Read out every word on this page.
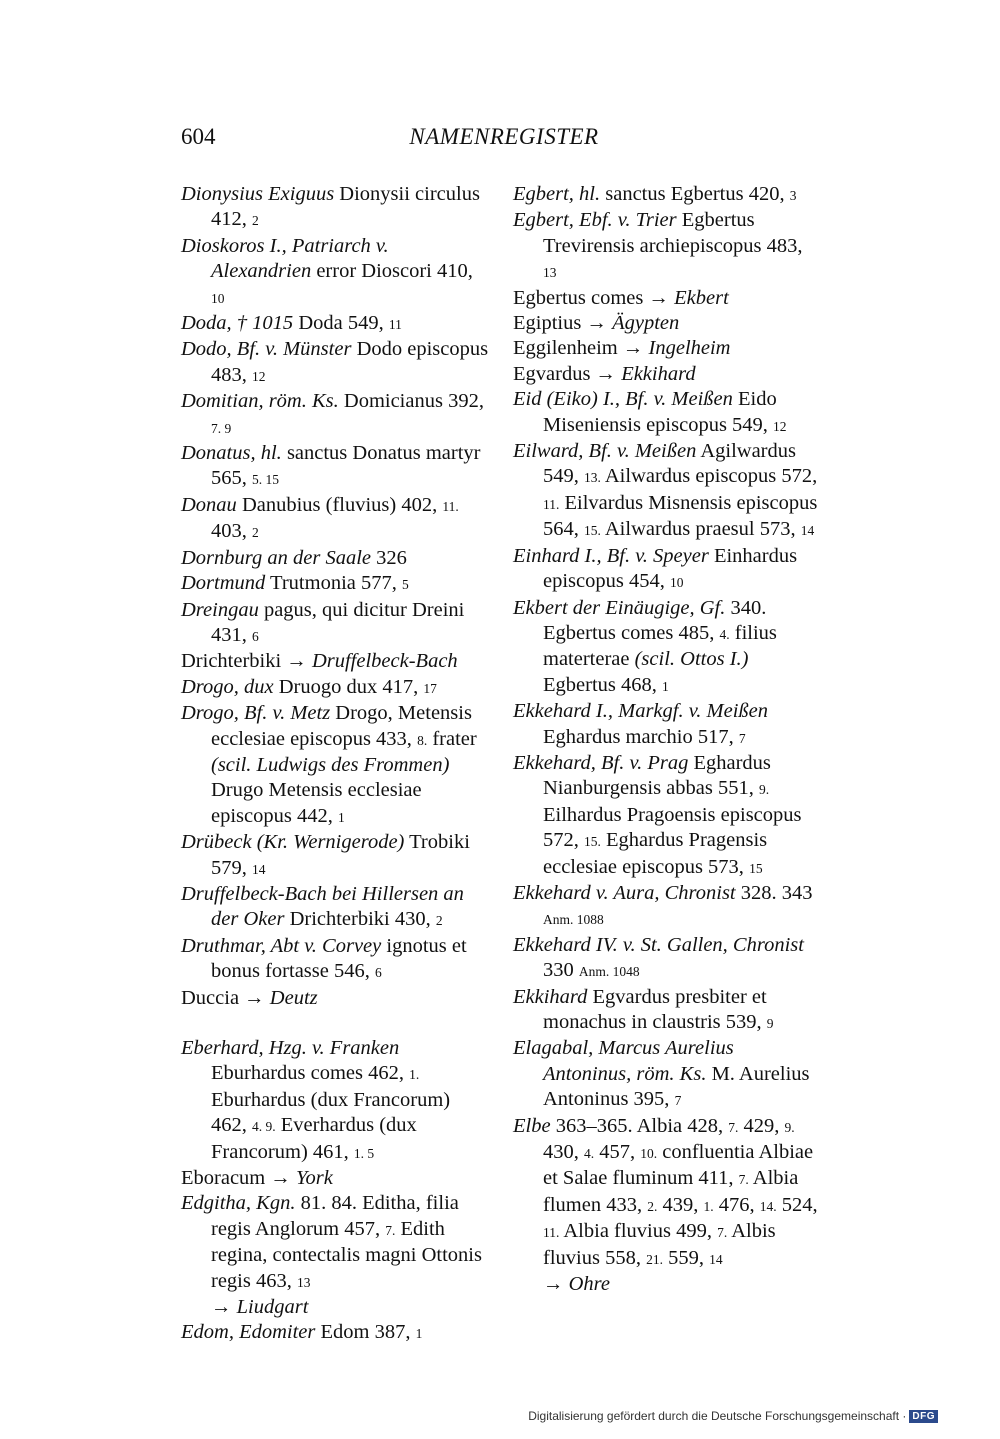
604	NAMENREGISTER

Dionysius Exiguus Dionysii circulus 412, 2

Dioskoros I., Patriarch v. Alexandrien error Dioscori 410, 10

Doda, † 1015 Doda 549, 11

Dodo, Bf. v. Münster Dodo episcopus 483, 12

Domitian, röm. Ks. Domicianus 392, 7. 9

Donatus, hl. sanctus Donatus martyr 565, 5. 15

Donau Danubius (fluvius) 402, 11. 403, 2

Dornburg an der Saale 326

Dortmund Trutmonia 577, 5

Dreingau pagus, qui dicitur Dreini 431, 6

Drichterbiki → Druffelbeck-Bach

Drogo, dux Druogo dux 417, 17

Drogo, Bf. v. Metz Drogo, Metensis ecclesiae episcopus 433, 8. frater (scil. Ludwigs des Frommen) Drugo Metensis ecclesiae episcopus 442, 1

Drübeck (Kr. Wernigerode) Trobiki 579, 14

Druffelbeck-Bach bei Hillersen an der Oker Drichterbiki 430, 2

Druthmar, Abt v. Corvey ignotus et bonus fortasse 546, 6

Duccia → Deutz

Eberhard, Hzg. v. Franken Eburhardus comes 462, 1. Eburhardus (dux Francorum) 462, 4. 9. Everhardus (dux Francorum) 461, 1. 5

Eboracum → York

Edgitha, Kgn. 81. 84. Editha, filia regis Anglorum 457, 7. Edith regina, contectalis magni Ottonis regis 463, 13

→ Liudgart

Edom, Edomiter Edom 387, 1

Egbert, hl. sanctus Egbertus 420, 3

Egbert, Ebf. v. Trier Egbertus Trevirensis archiepiscopus 483, 13

Egbertus comes → Ekbert

Egiptius → Ägypten

Eggilenheim → Ingelheim

Egvardus → Ekkihard

Eid (Eiko) I., Bf. v. Meißen Eido Miseniensis episcopus 549, 12

Eilward, Bf. v. Meißen Agilwardus 549, 13. Ailwardus episcopus 572, 11. Eilvardus Misnensis episcopus 564, 15. Ailwardus praesul 573, 14

Einhard I., Bf. v. Speyer Einhardus episcopus 454, 10

Ekbert der Einäugige, Gf. 340. Egbertus comes 485, 4. filius materterae (scil. Ottos I.) Egbertus 468, 1

Ekkehard I., Markgf. v. Meißen Eghardus marchio 517, 7

Ekkehard, Bf. v. Prag Eghardus Nianburgensis abbas 551, 9. Eilhardus Pragoensis episcopus 572, 15. Eghardus Pragensis ecclesiae episcopus 573, 15

Ekkehard v. Aura, Chronist 328. 343 Anm. 1088

Ekkehard IV. v. St. Gallen, Chronist 330 Anm. 1048

Ekkihard Egvardus presbiter et monachus in claustris 539, 9

Elagabal, Marcus Aurelius Antoninus, röm. Ks. M. Aurelius Antoninus 395, 7

Elbe 363–365. Albia 428, 7. 429, 9. 430, 4. 457, 10. confluentia Albiae et Salae fluminum 411, 7. Albia flumen 433, 2. 439, 1. 476, 14. 524, 11. Albia fluvius 499, 7. Albis fluvius 558, 21. 559, 14

→ Ohre

Digitalisierung gefördert durch die Deutsche Forschungsgemeinschaft · DFG
